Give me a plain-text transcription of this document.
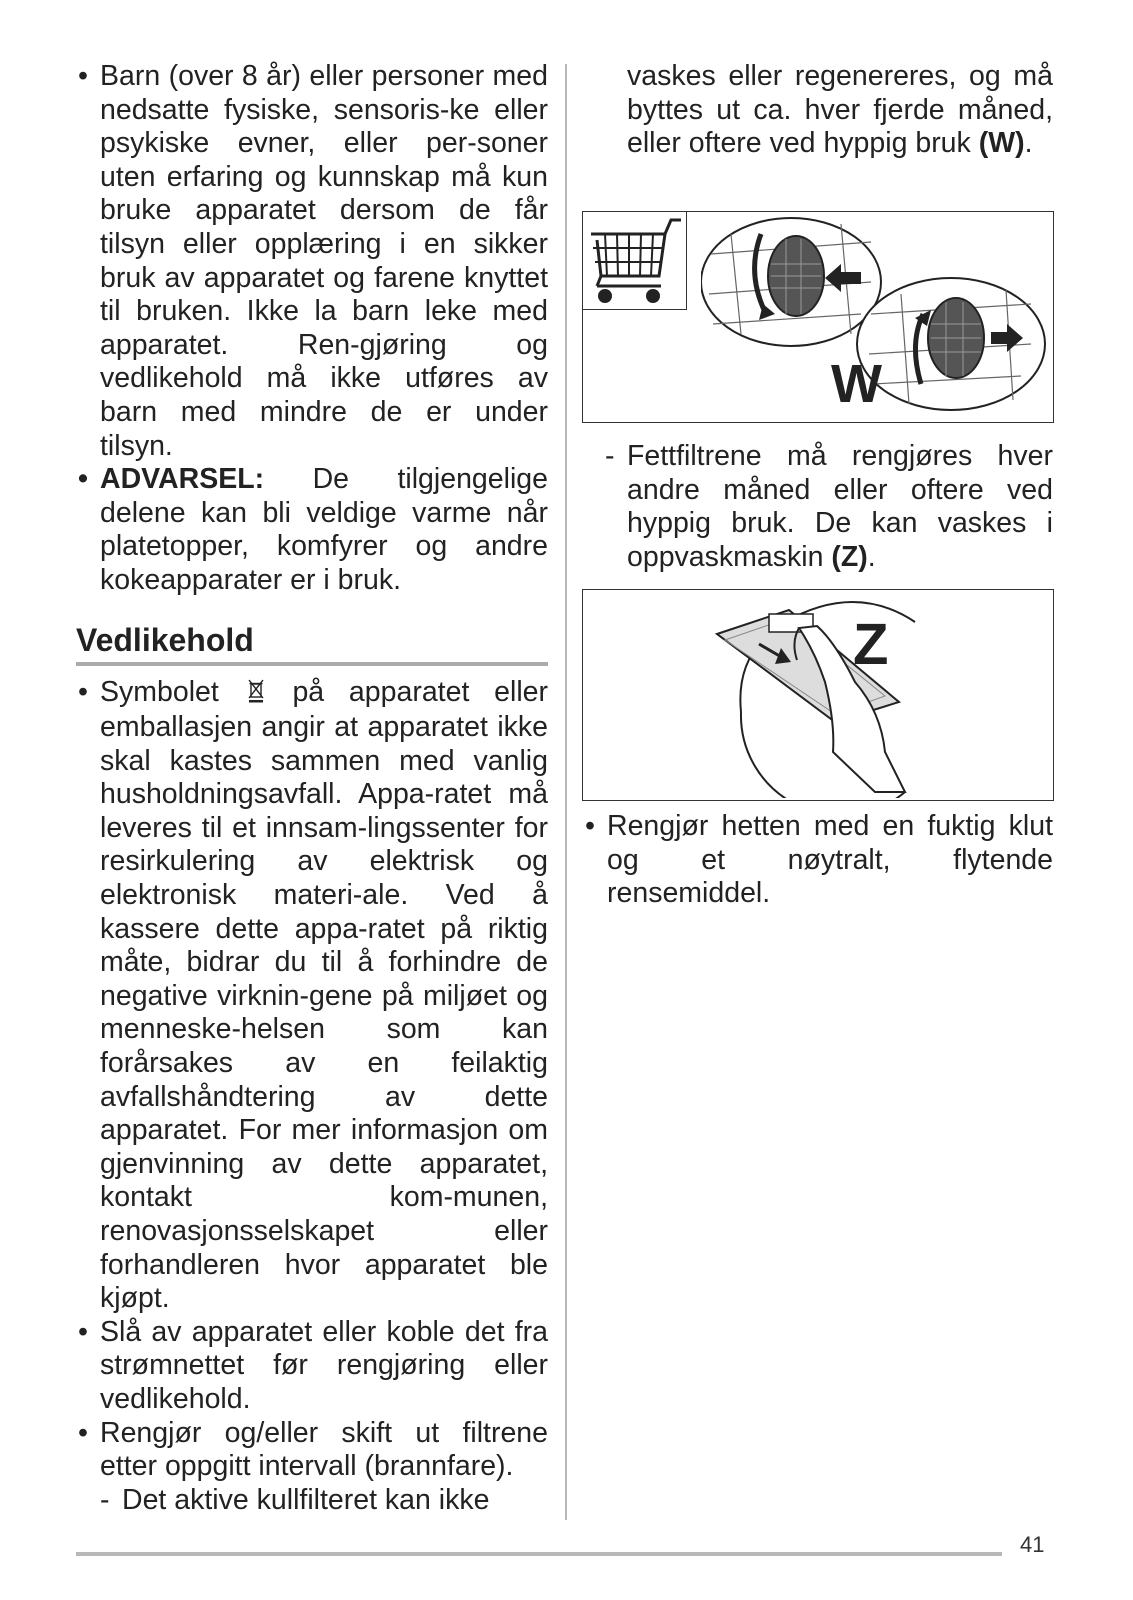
• Barn (over 8 år) eller personer med nedsatte fysiske, sensoris-ke eller psykiske evner, eller per-soner uten erfaring og kunnskap må kun bruke apparatet dersom de får tilsyn eller opplæring i en sikker bruk av apparatet og farene knyttet til bruken. Ikke la barn leke med apparatet. Ren-gjøring og vedlikehold må ikke utføres av barn med mindre de er under tilsyn.
• ADVARSEL: De tilgjengelige delene kan bli veldige varme når platetopper, komfyrer og andre kokeapparater er i bruk.
Vedlikehold
• Symbolet	på apparatet eller emballasjen angir at apparatet ikke skal kastes sammen med vanlig husholdningsavfall. Appa-ratet må leveres til et innsam-lingssenter for resirkulering av elektrisk og elektronisk materi-ale. Ved å kassere dette appa-ratet på riktig måte, bidrar du til å forhindre de negative virknin-gene på miljøet og menneske-helsen som kan forårsakes av en feilaktig avfallshåndtering av dette apparatet. For mer informasjon om gjenvinning av dette apparatet, kontakt kom-munen, renovasjonsselskapet eller forhandleren hvor apparatet ble kjøpt.
• Slå av apparatet eller koble det fra strømnettet før rengjøring eller vedlikehold.
• Rengjør og/eller skift ut filtrene etter oppgitt intervall (brannfare).
- Det aktive kullfilteret kan ikke
vaskes eller regenereres, og må byttes ut ca. hver fjerde måned, eller oftere ved hyppig bruk (W).
W
- Fettfiltrene må rengjøres hver andre måned eller oftere ved hyppig bruk. De kan vaskes i oppvaskmaskin (Z).
Z
• Rengjør hetten med en fuktig klut og et nøytralt, flytende rensemiddel.
41
